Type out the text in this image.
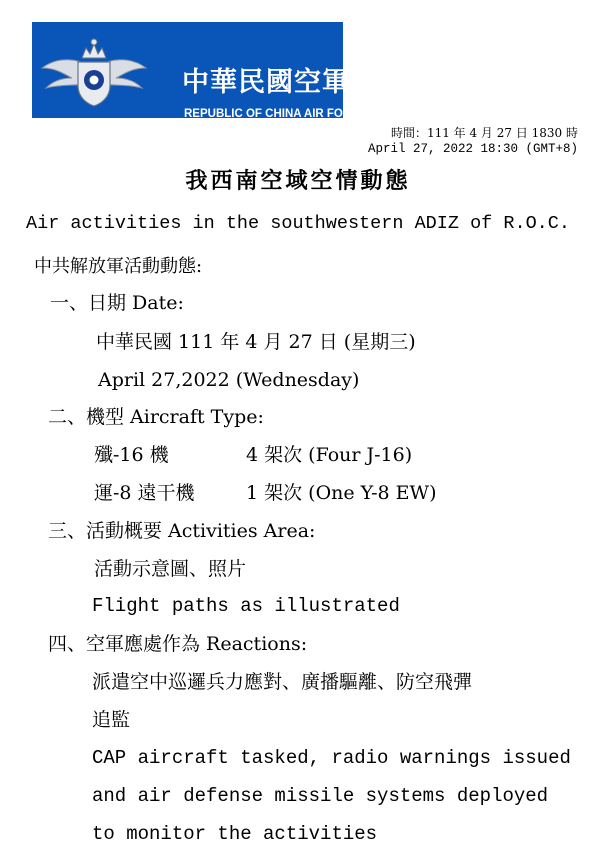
中華民國空軍
REPUBLIC OF CHINA AIR FORCE
時間：111 年 4 月 27 日 1830 時
April 27, 2022 18:30 (GMT+8)
我西南空域空情動態
Air activities in the southwestern ADIZ of R.O.C.
中共解放軍活動動態:
一、日期 Date:
中華民國 111 年 4 月 27 日 (星期三)
April 27,2022 (Wednesday)
二、機型 Aircraft Type:
殲-16 機	4 架次 (Four J-16)
運-8 遠干機	1 架次 (One Y-8 EW)
三、活動概要 Activities Area:
活動示意圖、照片
Flight paths as illustrated
四、空軍應處作為 Reactions:
派遣空中巡邏兵力應對、廣播驅離、防空飛彈
追監
CAP aircraft tasked, radio warnings issued
and air defense missile systems deployed
to monitor the activities
